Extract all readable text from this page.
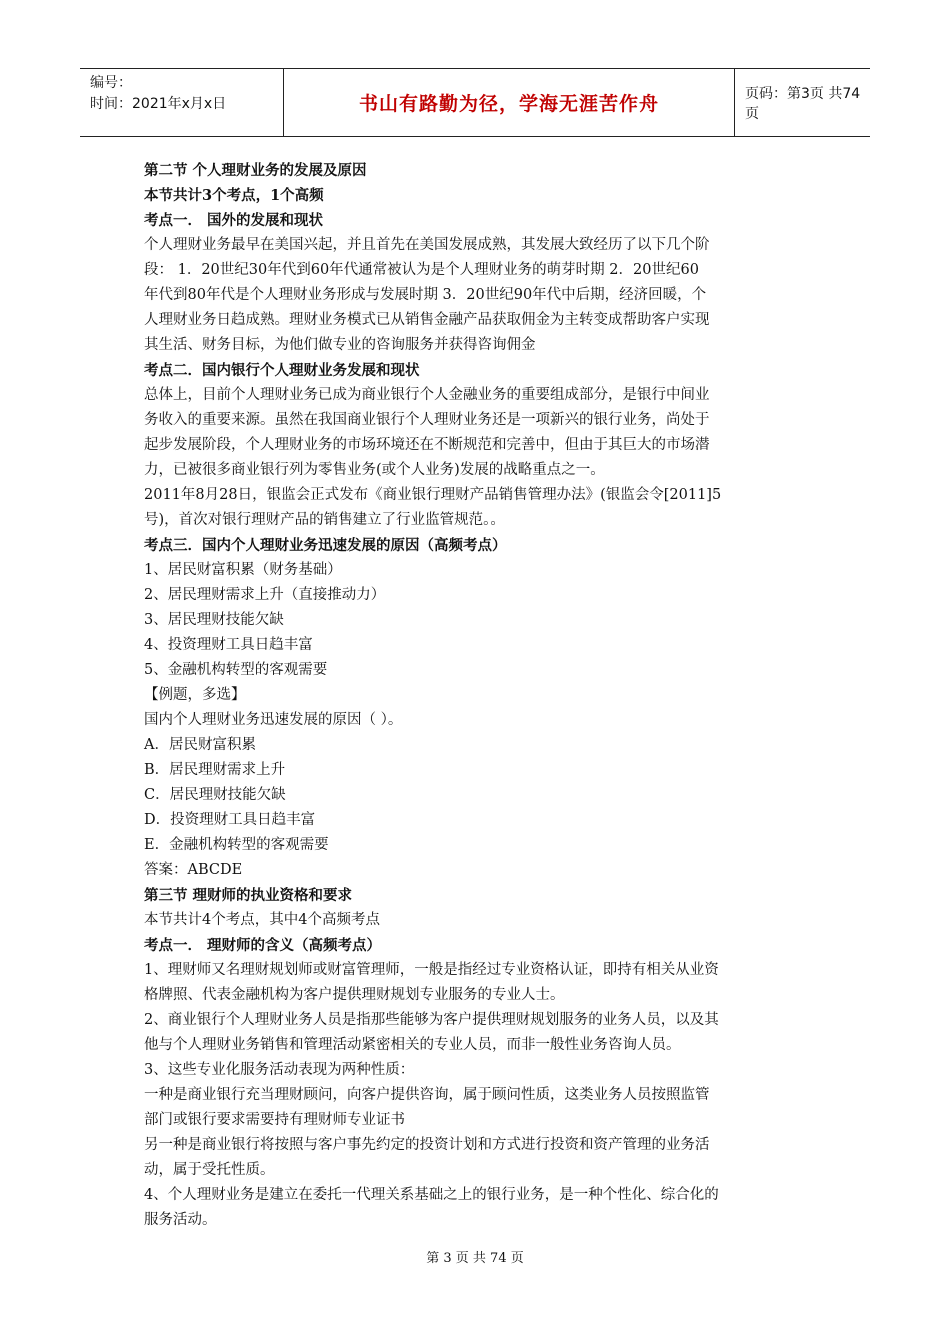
编号：
时间：2021年x月x日	书山有路勤为径，学海无涯苦作舟	页码：第3页 共74页
第二节 个人理财业务的发展及原因
本节共计3个考点，1个高频
考点一． 国外的发展和现状
个人理财业务最早在美国兴起，并且首先在美国发展成熟，其发展大致经历了以下几个阶
段： 1．20世纪30年代到60年代通常被认为是个人理财业务的萌芽时期 2．20世纪60
年代到80年代是个人理财业务形成与发展时期 3．20世纪90年代中后期，经济回暖，个
人理财业务日趋成熟。理财业务模式已从销售金融产品获取佣金为主转变成帮助客户实现
其生活、财务目标，为他们做专业的咨询服务并获得咨询佣金
考点二．国内银行个人理财业务发展和现状
总体上，目前个人理财业务已成为商业银行个人金融业务的重要组成部分，是银行中间业
务收入的重要来源。虽然在我国商业银行个人理财业务还是一项新兴的银行业务，尚处于
起步发展阶段，个人理财业务的市场环境还在不断规范和完善中，但由于其巨大的市场潜
力，已被很多商业银行列为零售业务(或个人业务)发展的战略重点之一。
2011年8月28日，银监会正式发布《商业银行理财产品销售管理办法》(银监会令[2011]5
号)，首次对银行理财产品的销售建立了行业监管规范。。
考点三．国内个人理财业务迅速发展的原因（高频考点）
1、居民财富积累（财务基础）
2、居民理财需求上升（直接推动力）
3、居民理财技能欠缺
4、投资理财工具日趋丰富
5、金融机构转型的客观需要
【例题，多选】
国内个人理财业务迅速发展的原因（ ）。
A．居民财富积累
B．居民理财需求上升
C．居民理财技能欠缺
D．投资理财工具日趋丰富
E．金融机构转型的客观需要
答案：ABCDE
第三节 理财师的执业资格和要求
本节共计4个考点，其中4个高频考点
考点一． 理财师的含义（高频考点）
1、理财师又名理财规划师或财富管理师，一般是指经过专业资格认证，即持有相关从业资
格牌照、代表金融机构为客户提供理财规划专业服务的专业人士。
2、商业银行个人理财业务人员是指那些能够为客户提供理财规划服务的业务人员，以及其
他与个人理财业务销售和管理活动紧密相关的专业人员，而非一般性业务咨询人员。
3、这些专业化服务活动表现为两种性质：
一种是商业银行充当理财顾问，向客户提供咨询，属于顾问性质，这类业务人员按照监管
部门或银行要求需要持有理财师专业证书
另一种是商业银行将按照与客户事先约定的投资计划和方式进行投资和资产管理的业务活
动，属于受托性质。
4、个人理财业务是建立在委托一代理关系基础之上的银行业务，是一种个性化、综合化的
服务活动。
第 3 页 共 74 页
